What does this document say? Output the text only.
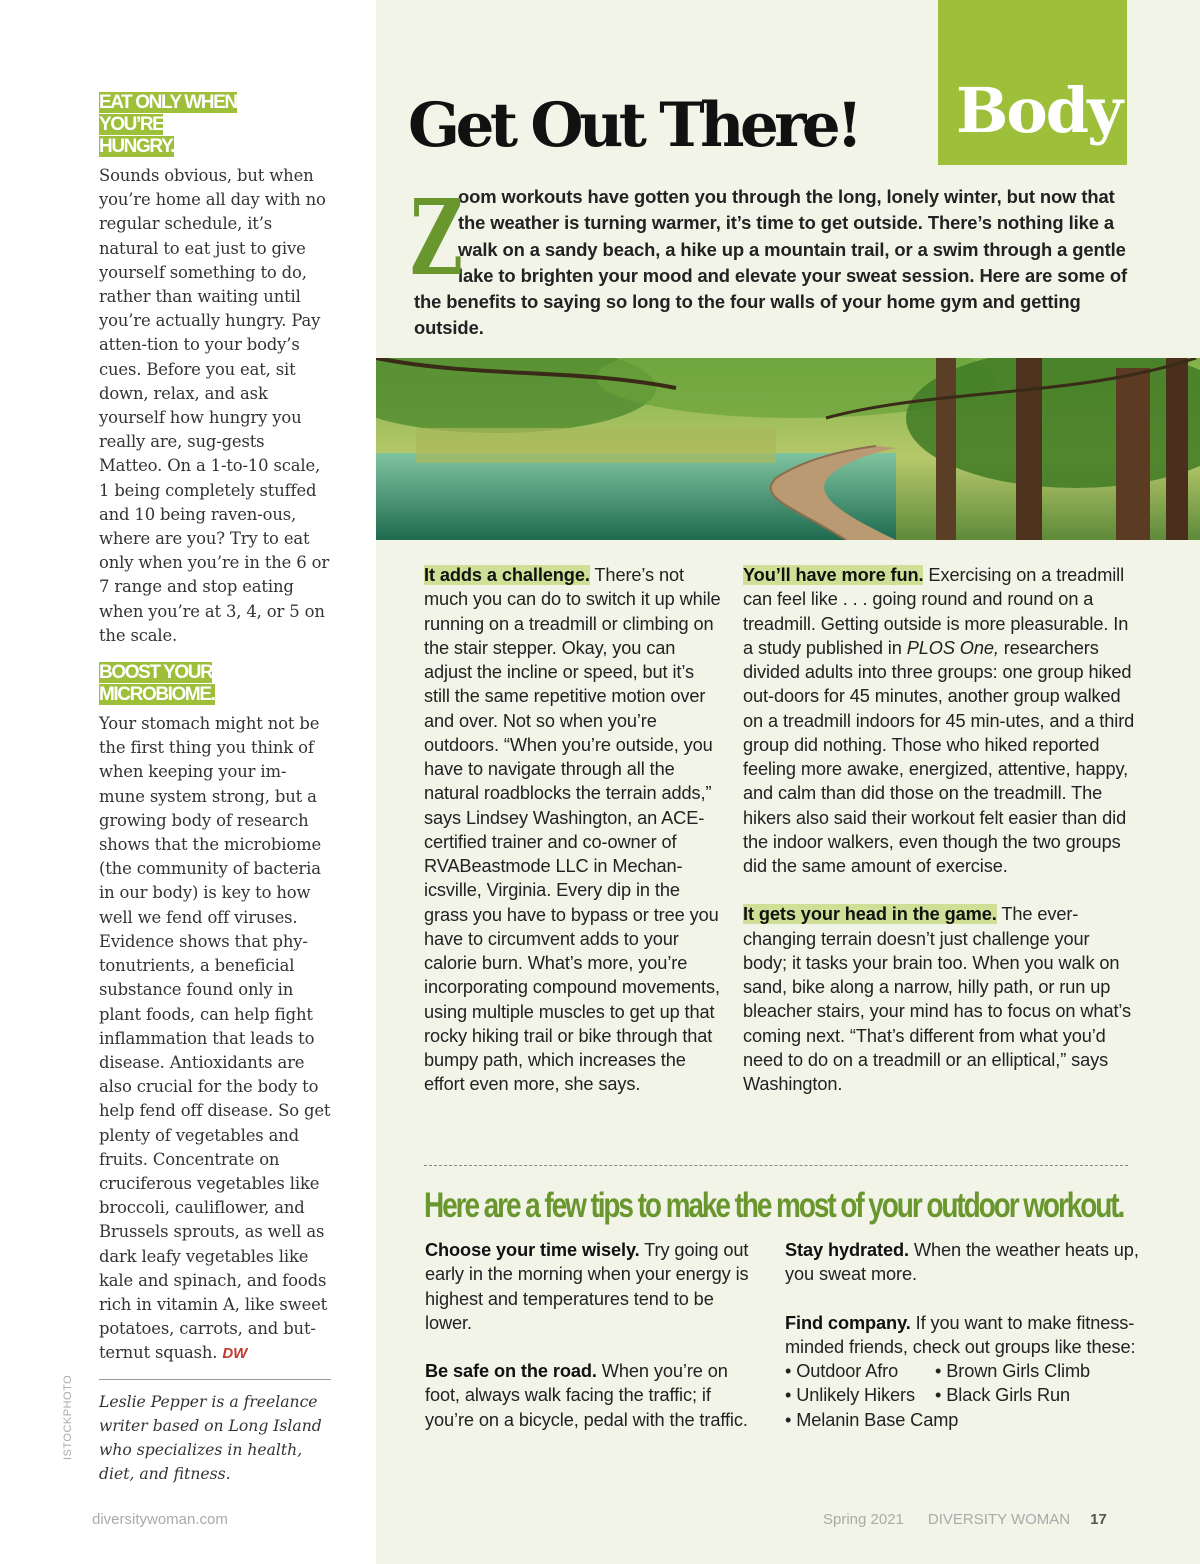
EAT ONLY WHEN YOU’RE
HUNGRY.

Sounds obvious, but when you’re home all day with no regular schedule, it’s natural to eat just to give yourself something to do, rather than waiting until you’re actually hungry. Pay atten-tion to your body’s cues. Before you eat, sit down, relax, and ask yourself how hungry you really are, sug-gests Matteo. On a 1-to-10 scale, 1 being completely stuffed and 10 being raven-ous, where are you? Try to eat only when you’re in the 6 or 7 range and stop eating when you’re at 3, 4, or 5 on the scale.

BOOST YOUR
MICROBIOME.

Your stomach might not be the first thing you think of when keeping your im-mune system strong, but a growing body of research shows that the microbiome (the community of bacteria in our body) is key to how well we fend off viruses. Evidence shows that phy-tonutrients, a beneficial substance found only in plant foods, can help fight inflammation that leads to disease. Antioxidants are also crucial for the body to help fend off disease. So get plenty of vegetables and fruits. Concentrate on cruciferous vegetables like broccoli, cauliflower, and Brussels sprouts, as well as dark leafy vegetables like kale and spinach, and foods rich in vitamin A, like sweet potatoes, carrots, and but-ternut squash. DW

Leslie Pepper is a freelance writer based on Long Island who specializes in health, diet, and fitness.

ISTOCKPHOTO
diversitywoman.com
Body
Get Out There!
Z
oom workouts have gotten you through the long, lonely winter, but now that the weather is turning warmer, it’s time to get outside. There’s nothing like a walk on a sandy beach, a hike up a mountain trail, or a swim through a gentle lake to brighten your mood and elevate your sweat session. Here are some of the benefits to saying so long to the four walls of your home gym and getting outside.
It adds a challenge. There’s not much you can do to switch it up while running on a treadmill or climbing on the stair stepper. Okay, you can adjust the incline or speed, but it’s still the same repetitive motion over and over. Not so when you’re outdoors. “When you’re outside, you have to navigate through all the natural roadblocks the terrain adds,” says Lindsey Washington, an ACE-certified trainer and co-owner of RVABeastmode LLC in Mechan-icsville, Virginia. Every dip in the grass you have to bypass or tree you have to circumvent adds to your calorie burn. What’s more, you’re incorporating compound movements, using multiple muscles to get up that rocky hiking trail or bike through that bumpy path, which increases the effort even more, she says.

You’ll have more fun. Exercising on a treadmill can feel like . . . going round and round on a treadmill. Getting outside is more pleasurable. In a study published in PLOS One, researchers divided adults into three groups: one group hiked out-doors for 45 minutes, another group walked on a treadmill indoors for 45 min-utes, and a third group did nothing. Those who hiked reported feeling more awake, energized, attentive, happy, and calm than did those on the treadmill. The hikers also said their workout felt easier than did the indoor walkers, even though the two groups did the same amount of exercise.

It gets your head in the game. The ever-changing terrain doesn’t just challenge your body; it tasks your brain too. When you walk on sand, bike along a narrow, hilly path, or run up bleacher stairs, your mind has to focus on what’s coming next. “That’s different from what you’d need to do on a treadmill or an elliptical,” says Washington.

Here are a few tips to make the most of your outdoor workout.

Choose your time wisely. Try going out early in the morning when your energy is highest and temperatures tend to be lower.

Be safe on the road. When you’re on foot, always walk facing the traffic; if you’re on a bicycle, pedal with the traffic.

Stay hydrated. When the weather heats up, you sweat more.

Find company. If you want to make fitness-minded friends, check out groups like these:

• Outdoor Afro • Brown Girls Climb
• Unlikely Hikers • Black Girls Run
• Melanin Base Camp
Spring 2021 DIVERSITY WOMAN 17
